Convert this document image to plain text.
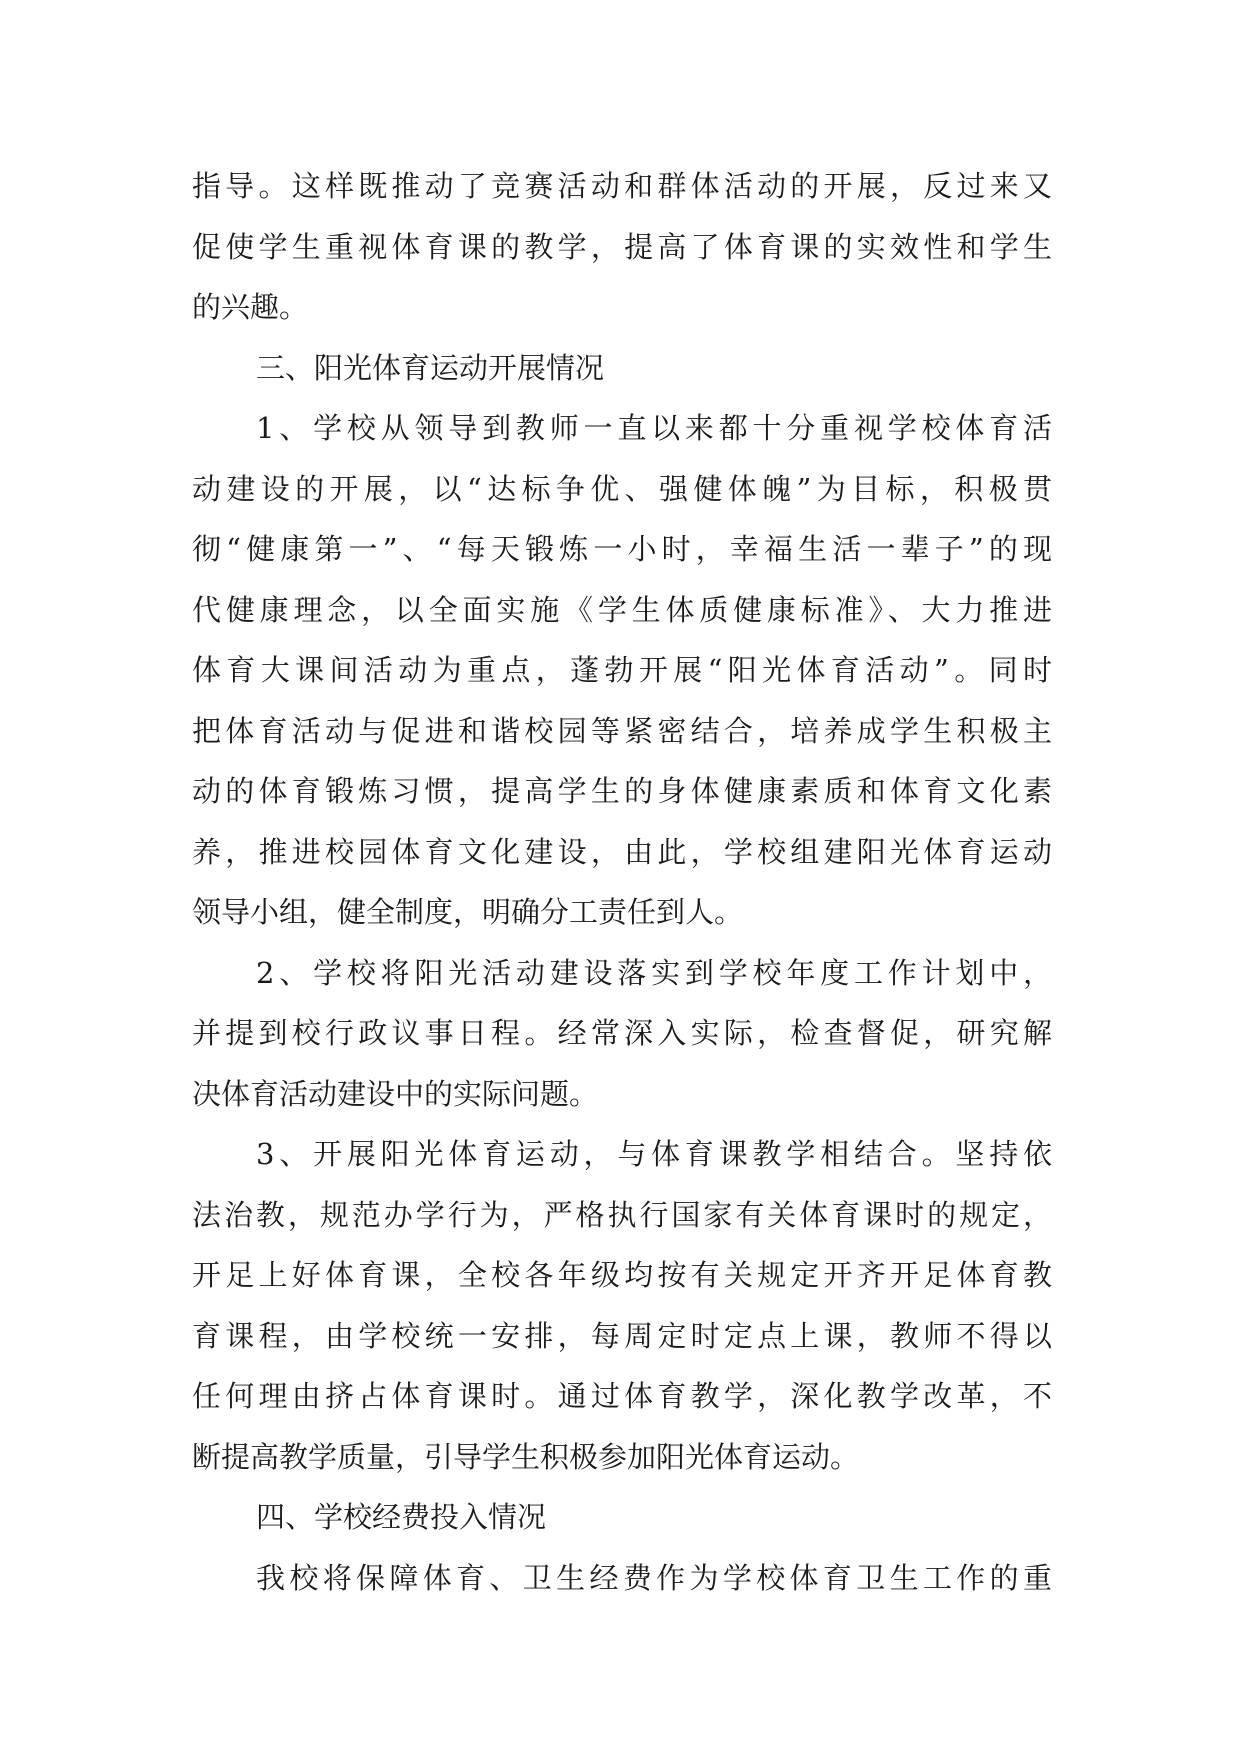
指导。这样既推动了竞赛活动和群体活动的开展，反过来又
促使学生重视体育课的教学，提高了体育课的实效性和学生
的兴趣。
三、阳光体育运动开展情况
1、学校从领导到教师一直以来都十分重视学校体育活
动建设的开展，以“达标争优、强健体魄”为目标，积极贯
彻“健康第一”、“每天锻炼一小时，幸福生活一辈子”的现
代健康理念，以全面实施《学生体质健康标准》、大力推进
体育大课间活动为重点，蓬勃开展“阳光体育活动”。同时
把体育活动与促进和谐校园等紧密结合，培养成学生积极主
动的体育锻炼习惯，提高学生的身体健康素质和体育文化素
养，推进校园体育文化建设，由此，学校组建阳光体育运动
领导小组，健全制度，明确分工责任到人。
2、学校将阳光活动建设落实到学校年度工作计划中，
并提到校行政议事日程。经常深入实际，检查督促，研究解
决体育活动建设中的实际问题。
3、开展阳光体育运动，与体育课教学相结合。坚持依
法治教，规范办学行为，严格执行国家有关体育课时的规定，
开足上好体育课，全校各年级均按有关规定开齐开足体育教
育课程，由学校统一安排，每周定时定点上课，教师不得以
任何理由挤占体育课时。通过体育教学，深化教学改革，不
断提高教学质量，引导学生积极参加阳光体育运动。
四、学校经费投入情况
我校将保障体育、卫生经费作为学校体育卫生工作的重
